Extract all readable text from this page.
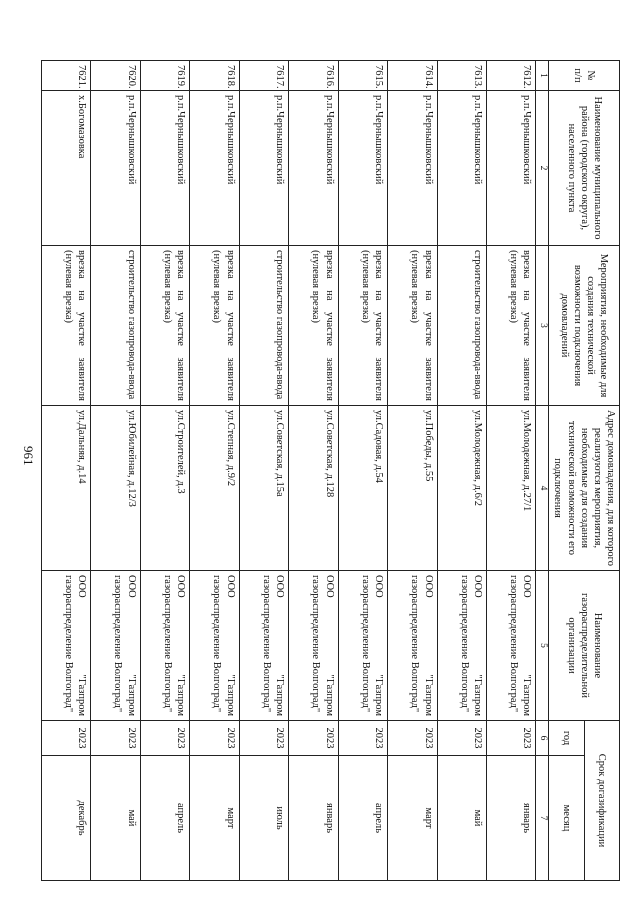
961
№ п/п	Наименование муниципального района (городского округа), населенного пункта	Мероприятия, необходимые для создания технической возможности подключения домовладений	Адрес домовладения, для которого реализуются мероприятия, необходимые для создания технической возможности его подключения	Наименование газораспределительной организации	Срок догазификации	
					год	месяц
1	2	3	4	5	6	7
7612.	р.п.Чернышковский	врезка на участке заявителя (нулевая врезка)	ул.Молодежная, д.27/1	ООО "Газпром газораспределение Волгоград"	2023	январь
7613.	р.п.Чернышковский	строительство газопровода-ввода	ул.Молодежная, д.6/2	ООО "Газпром газораспределение Волгоград"	2023	май
7614.	р.п.Чернышковский	врезка на участке заявителя (нулевая врезка)	ул.Победы, д.55	ООО "Газпром газораспределение Волгоград"	2023	март
7615.	р.п.Чернышковский	врезка на участке заявителя (нулевая врезка)	ул.Садовая, д.54	ООО "Газпром газораспределение Волгоград"	2023	апрель
7616.	р.п.Чернышковский	врезка на участке заявителя (нулевая врезка)	ул.Советская, д.128	ООО "Газпром газораспределение Волгоград"	2023	январь
7617.	р.п.Чернышковский	строительство газопровода-ввода	ул.Советская, д.15а	ООО "Газпром газораспределение Волгоград"	2023	июль
7618.	р.п.Чернышковский	врезка на участке заявителя (нулевая врезка)	ул.Степная, д.9/2	ООО "Газпром газораспределение Волгоград"	2023	март
7619.	р.п.Чернышковский	врезка на участке заявителя (нулевая врезка)	ул.Строителей, д.3	ООО "Газпром газораспределение Волгоград"	2023	апрель
7620.	р.п.Чернышковский	строительство газопровода-ввода	ул.Юбилейная, д.12/3	ООО "Газпром газораспределение Волгоград"	2023	май
7621.	х.Богомазовка	врезка на участке заявителя (нулевая врезка)	ул.Дальняя, д.14	ООО "Газпром газораспределение Волгоград"	2023	декабрь
